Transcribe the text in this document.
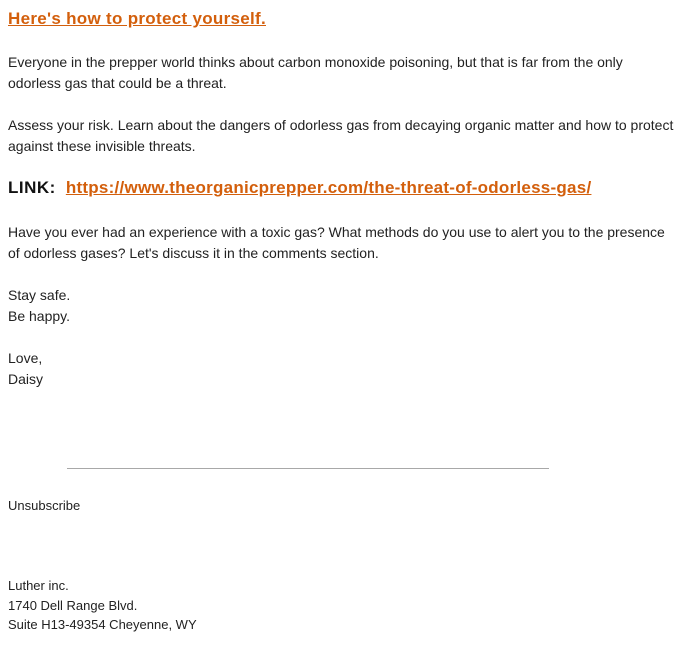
Here's how to protect yourself.

Everyone in the prepper world thinks about carbon monoxide poisoning, but that is far from the only odorless gas that could be a threat.

Assess your risk. Learn about the dangers of odorless gas from decaying organic matter and how to protect against these invisible threats.

LINK: https://www.theorganicprepper.com/the-threat-of-odorless-gas/

Have you ever had an experience with a toxic gas? What methods do you use to alert you to the presence of odorless gases? Let's discuss it in the comments section.

Stay safe.
Be happy.

Love,
Daisy

Unsubscribe
Luther inc.
1740 Dell Range Blvd.
Suite H13-49354 Cheyenne, WY
